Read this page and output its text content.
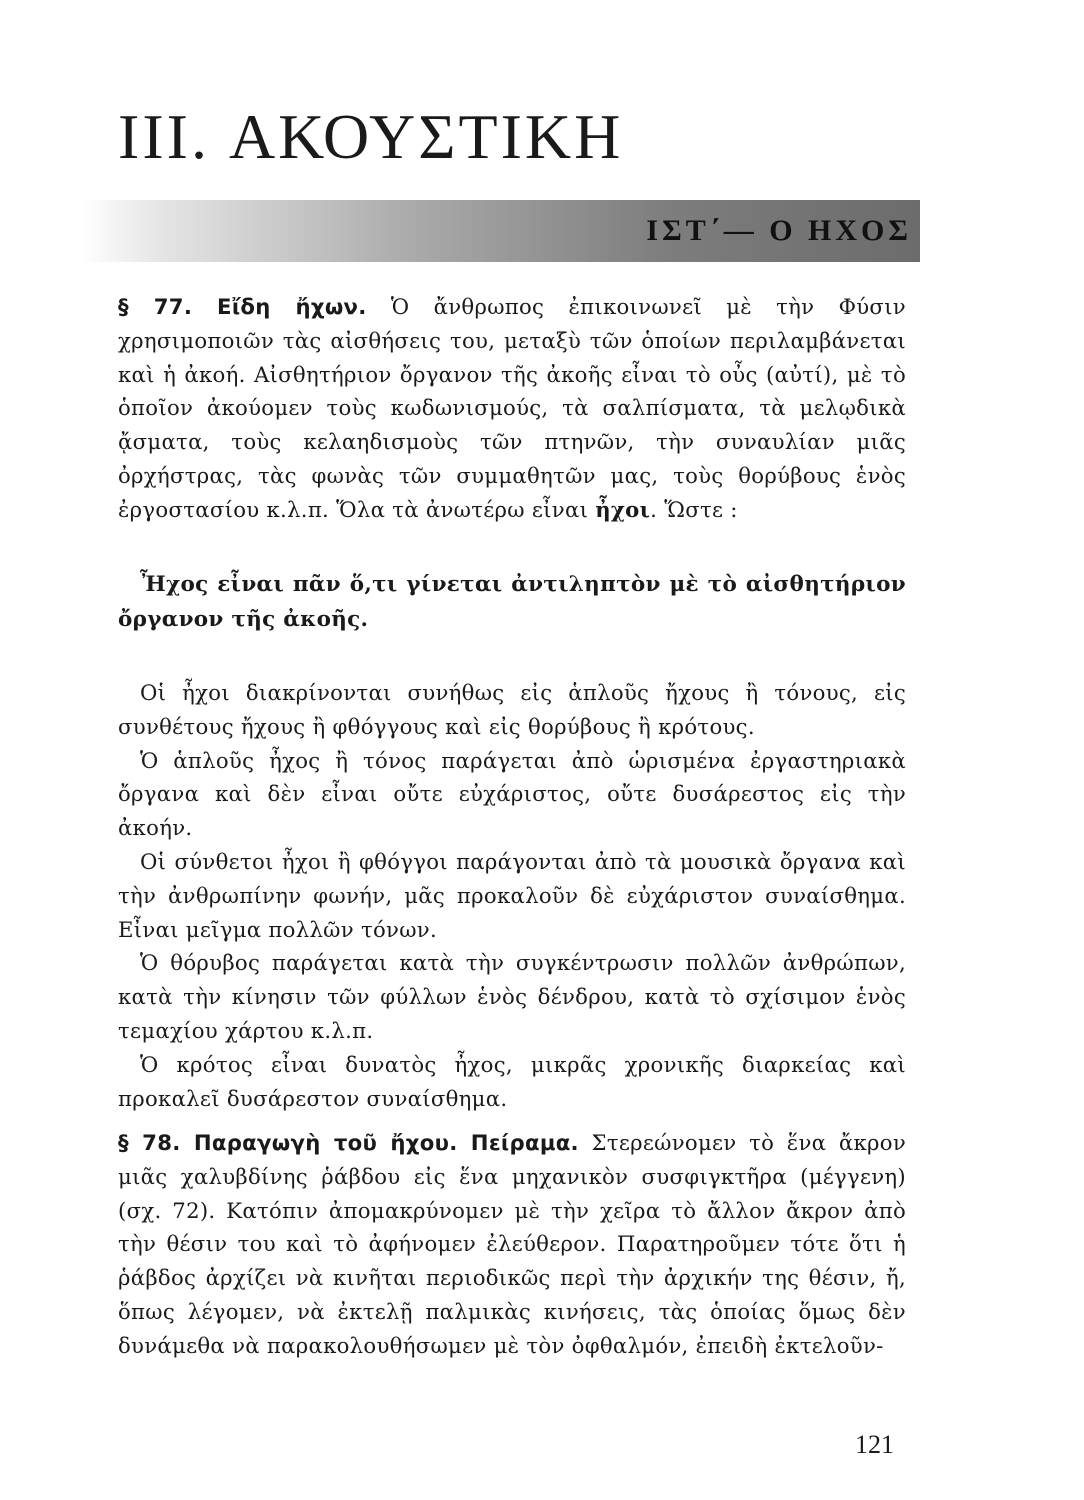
III. ΑΚΟΥΣΤΙΚΗ
ΙΣΤ΄— Ο ΗΧΟΣ

§ 77. Εἴδη ἤχων. Ὁ ἄνθρωπος ἐπικοινωνεῖ μὲ τὴν Φύσιν χρησιμοποιῶν τὰς αἰσθήσεις του, μεταξὺ τῶν ὁποίων περιλαμβάνεται καὶ ἡ ἀκοή. Αἰσθητήριον ὄργανον τῆς ἀκοῆς εἶναι τὸ οὖς (αὐτί), μὲ τὸ ὁποῖον ἀκούομεν τοὺς κωδωνισμούς, τὰ σαλπίσματα, τὰ μελῳδικὰ ᾄσματα, τοὺς κελαηδισμοὺς τῶν πτηνῶν, τὴν συναυλίαν μιᾶς ὀρχήστρας, τὰς φωνὰς τῶν συμμαθητῶν μας, τοὺς θορύβους ἑνὸς ἐργοστασίου κ.λ.π. Ὅλα τὰ ἀνωτέρω εἶναι ἦχοι. Ὥστε :

Ἦχος εἶναι πᾶν ὅ,τι γίνεται ἀντιληπτὸν μὲ τὸ αἰσθητήριον ὄργανον τῆς ἀκοῆς.

Οἱ ἦχοι διακρίνονται συνήθως εἰς ἁπλοῦς ἤχους ἢ τόνους, εἰς συνθέτους ἤχους ἢ φθόγγους καὶ εἰς θορύβους ἢ κρότους.

Ὁ ἁπλοῦς ἦχος ἢ τόνος παράγεται ἀπὸ ὡρισμένα ἐργαστηριακὰ ὄργανα καὶ δὲν εἶναι οὔτε εὐχάριστος, οὔτε δυσάρεστος εἰς τὴν ἀκοήν.

Οἱ σύνθετοι ἦχοι ἢ φθόγγοι παράγονται ἀπὸ τὰ μουσικὰ ὄργανα καὶ τὴν ἀνθρωπίνην φωνήν, μᾶς προκαλοῦν δὲ εὐχάριστον συναίσθημα. Εἶναι μεῖγμα πολλῶν τόνων.

Ὁ θόρυβος παράγεται κατὰ τὴν συγκέντρωσιν πολλῶν ἀνθρώπων, κατὰ τὴν κίνησιν τῶν φύλλων ἑνὸς δένδρου, κατὰ τὸ σχίσιμον ἑνὸς τεμαχίου χάρτου κ.λ.π.

Ὁ κρότος εἶναι δυνατὸς ἦχος, μικρᾶς χρονικῆς διαρκείας καὶ προκαλεῖ δυσάρεστον συναίσθημα.

§ 78. Παραγωγὴ τοῦ ἤχου. Πείραμα. Στερεώνομεν τὸ ἕνα ἄκρον μιᾶς χαλυβδίνης ῥάβδου εἰς ἕνα μηχανικὸν συσφιγκτῆρα (μέγγενη) (σχ. 72). Κατόπιν ἀπομακρύνομεν μὲ τὴν χεῖρα τὸ ἄλλον ἄκρον ἀπὸ τὴν θέσιν του καὶ τὸ ἀφήνομεν ἐλεύθερον. Παρατηροῦμεν τότε ὅτι ἡ ῥάβδος ἀρχίζει νὰ κινῆται περιοδικῶς περὶ τὴν ἀρχικήν της θέσιν, ἤ, ὅπως λέγομεν, νὰ ἐκτελῇ παλμικὰς κινήσεις, τὰς ὁποίας ὅμως δὲν δυνάμεθα νὰ παρακολουθήσωμεν μὲ τὸν ὀφθαλμόν, ἐπειδὴ ἐκτελοῦν-

121
